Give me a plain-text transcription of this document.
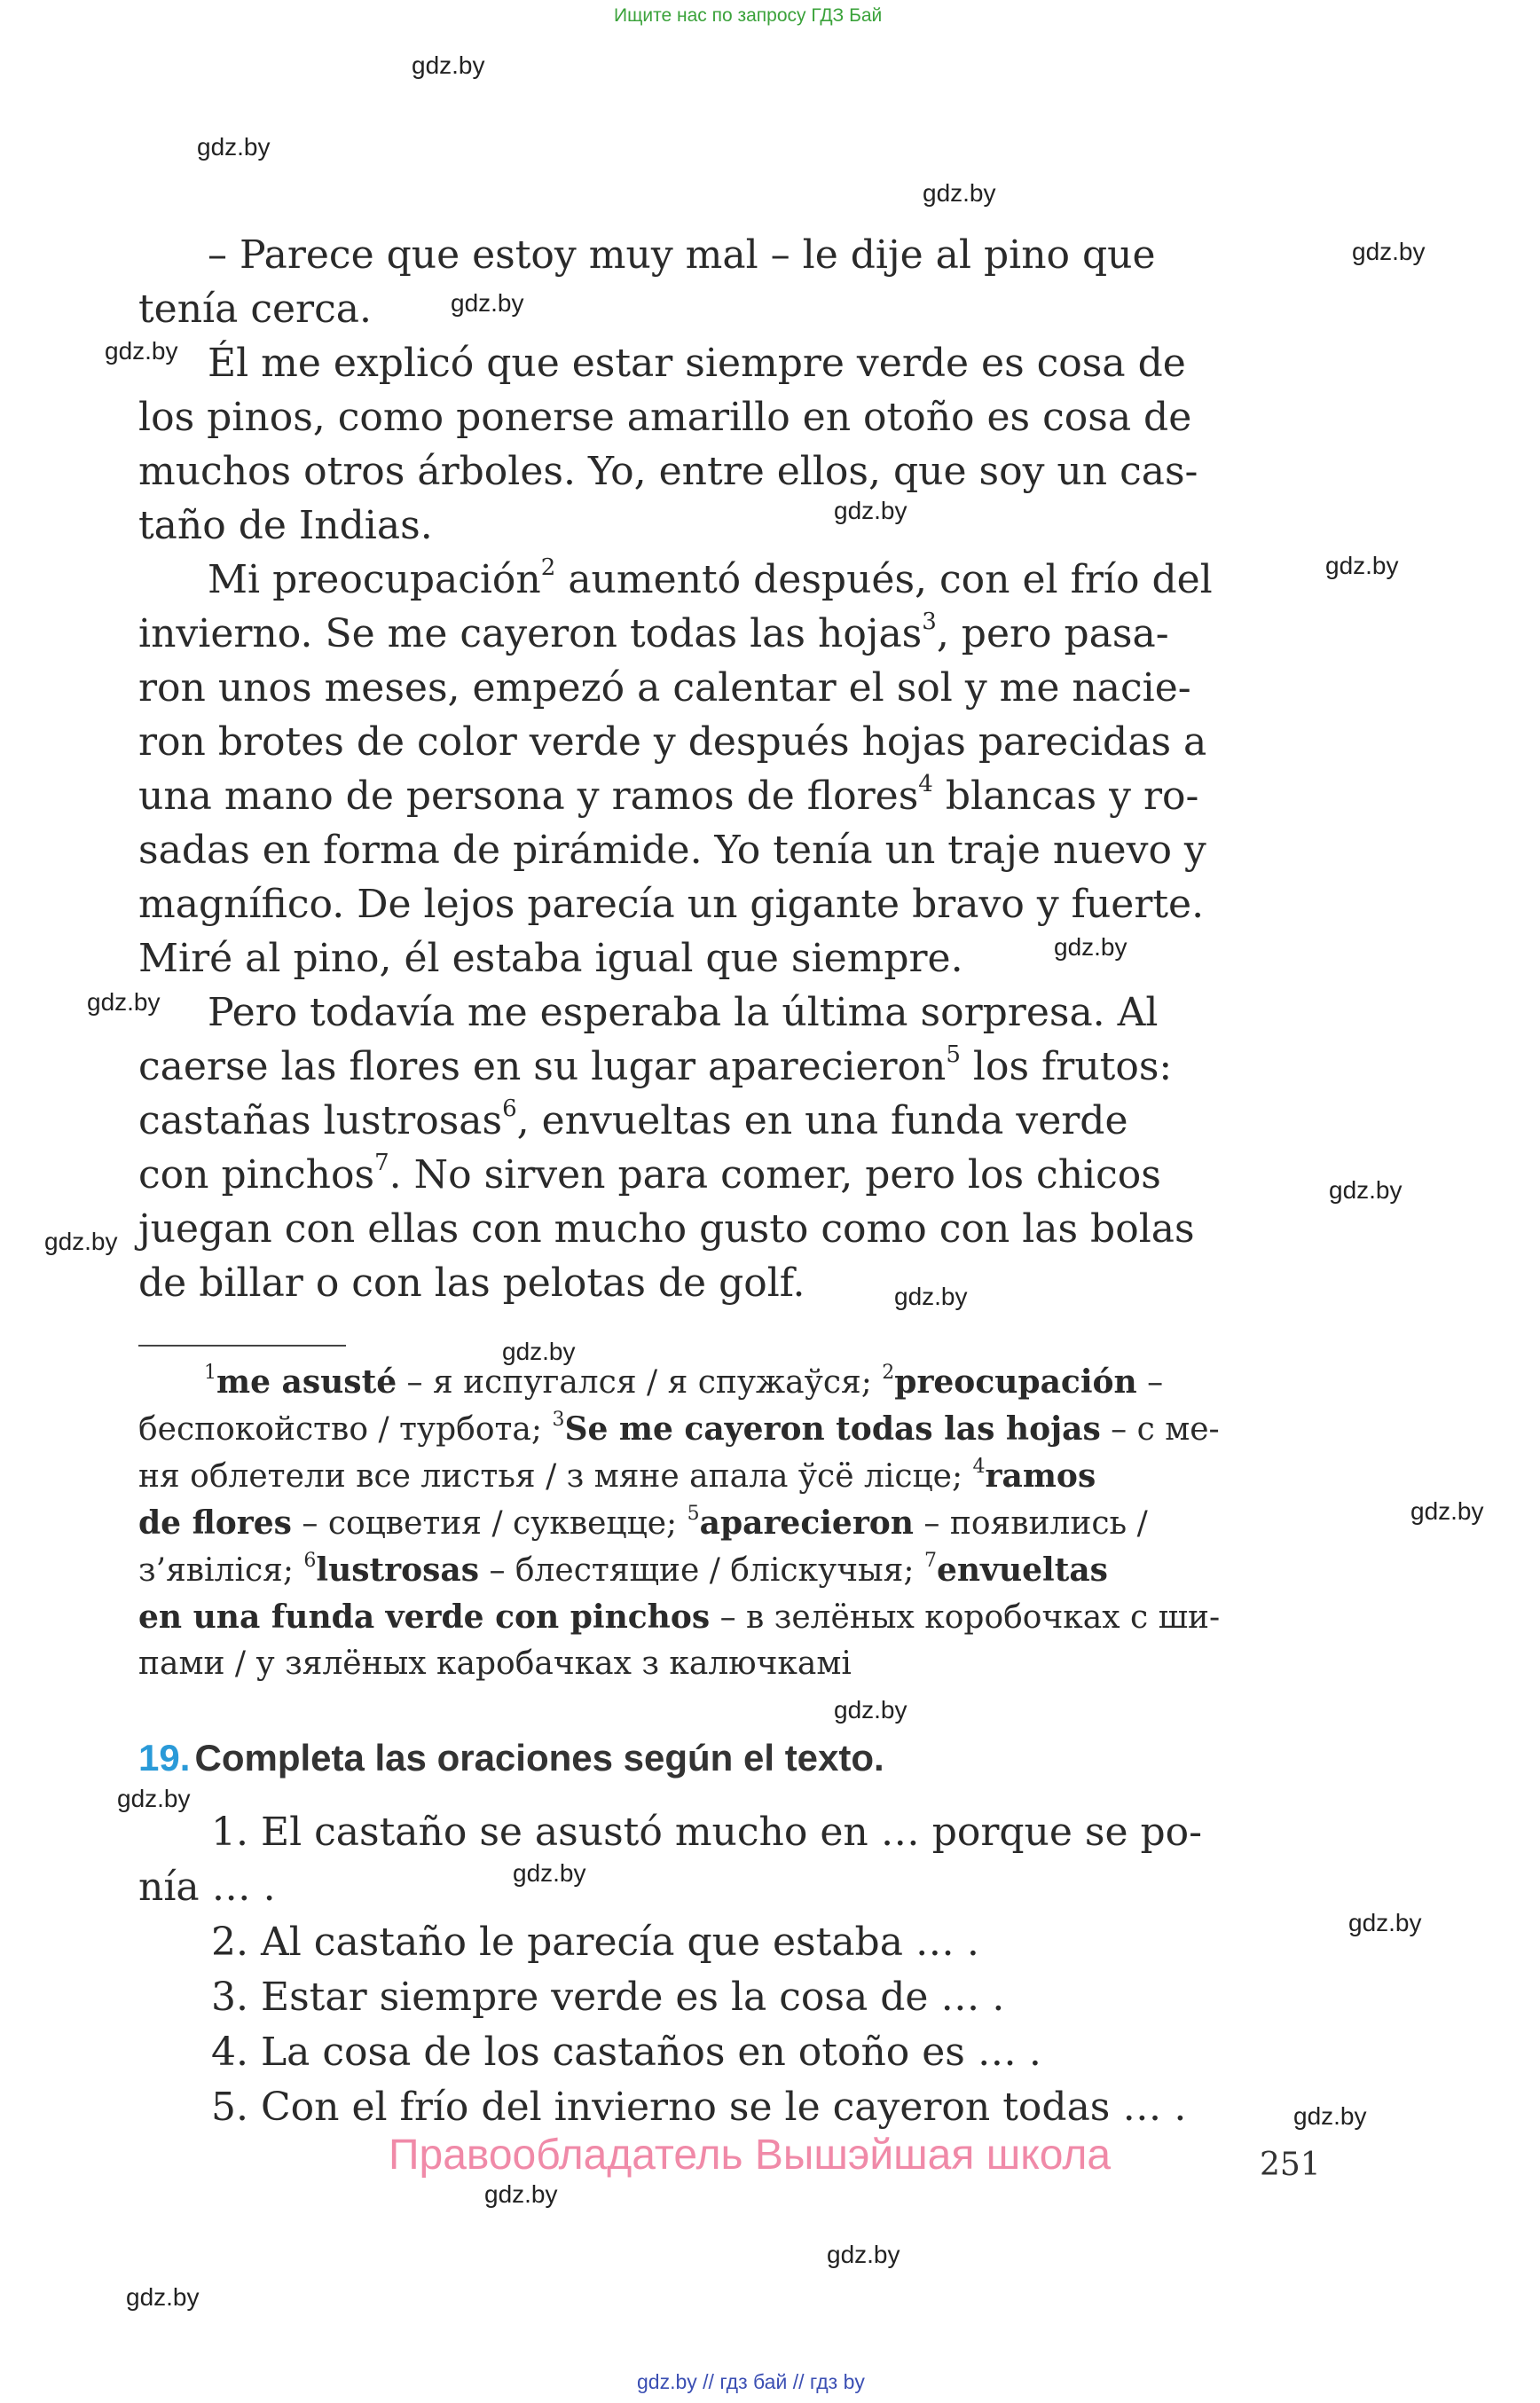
Ищите нас по запросу ГДЗ Бай
gdz.by
gdz.by
gdz.by
gdz.by
gdz.by
gdz.by
gdz.by
gdz.by
gdz.by
gdz.by
gdz.by
gdz.by
gdz.by
gdz.by
gdz.by
gdz.by
gdz.by
gdz.by
gdz.by
gdz.by
gdz.by
gdz.by
gdz.by
– Parece que estoy muy mal – le dije al pino que
tenía cerca.
Él me explicó que estar siempre verde es cosa de
los pinos, como ponerse amarillo en otoño es cosa de
muchos otros árboles. Yo, entre ellos, que soy un cas-
taño de Indias.
Mi preocupación$^2$ aumentó después, con el frío del
invierno. Se me cayeron todas las hojas$^3$, pero pasa-
ron unos meses, empezó a calentar el sol y me nacie-
ron brotes de color verde y después hojas parecidas a
una mano de persona y ramos de flores$^4$ blancas y ro-
sadas en forma de pirámide. Yo tenía un traje nuevo y
magnífico. De lejos parecía un gigante bravo y fuerte.
Miré al pino, él estaba igual que siempre.
Pero todavía me esperaba la última sorpresa. Al
caerse las flores en su lugar aparecieron$^5$ los frutos:
castañas lustrosas$^6$, envueltas en una funda verde
con pinchos$^7$. No sirven para comer, pero los chicos
juegan con ellas con mucho gusto como con las bolas
de billar o con las pelotas de golf.
$^1$me asusté – я испугался / я спужаўся; $^2$preocupación –
беспокойство / турбота; $^3$Se me cayeron todas las hojas – с ме-
ня облетели все листья / з мяне апала ўсё лісце; $^4$ramos
de flores – соцветия / суквецце; $^5$aparecieron – появились /
з’явіліся; $^6$lustrosas – блестящие / бліскучыя; $^7$envueltas
en una funda verde con pinchos – в зелёных коробочках с ши-
пами / у зялёных каробачках з калючкамі
19. Completa las oraciones según el texto.
1. El castaño se asustó mucho en … porque se po-
nía … .
2. Al castaño le parecía que estaba … .
3. Estar siempre verde es la cosa de … .
4. La cosa de los castaños en otoño es … .
5. Con el frío del invierno se le cayeron todas … .
Правообладатель Вышэйшая школа	251
gdz.by // гдз бай // гдз by
